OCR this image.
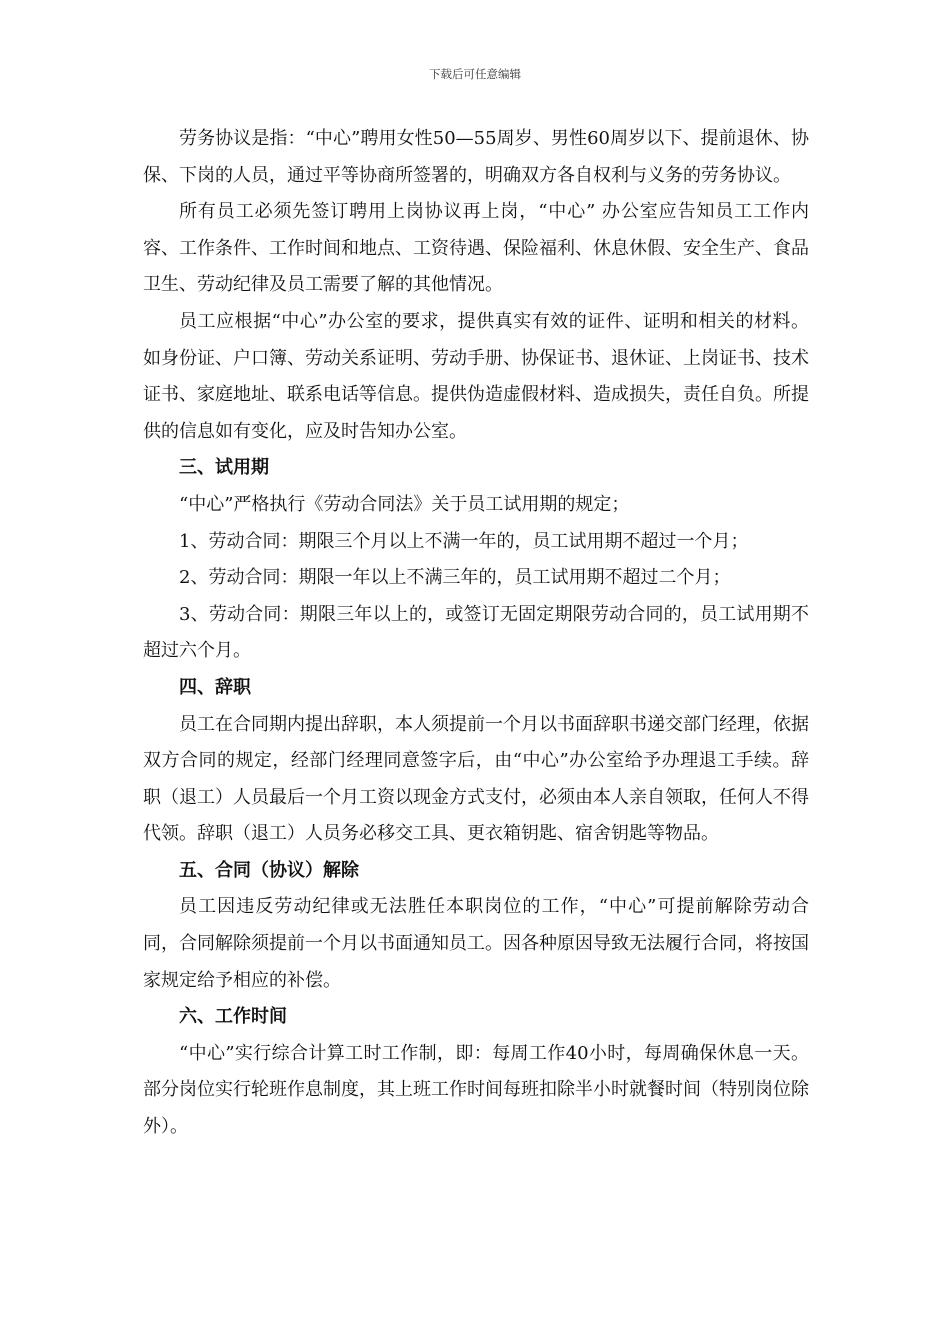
下载后可任意编辑

劳务协议是指：“中心”聘用女性50—55周岁、男性60周岁以下、提前退休、协保、下岗的人员，通过平等协商所签署的，明确双方各自权利与义务的劳务协议。

所有员工必须先签订聘用上岗协议再上岗，“中心” 办公室应告知员工工作内容、工作条件、工作时间和地点、工资待遇、保险福利、休息休假、安全生产、食品卫生、劳动纪律及员工需要了解的其他情况。

员工应根据“中心”办公室的要求，提供真实有效的证件、证明和相关的材料。如身份证、户口簿、劳动关系证明、劳动手册、协保证书、退休证、上岗证书、技术证书、家庭地址、联系电话等信息。提供伪造虚假材料、造成损失，责任自负。所提供的信息如有变化，应及时告知办公室。

三、试用期

“中心”严格执行《劳动合同法》关于员工试用期的规定；

1、劳动合同：期限三个月以上不满一年的，员工试用期不超过一个月；

2、劳动合同：期限一年以上不满三年的，员工试用期不超过二个月；

3、劳动合同：期限三年以上的，或签订无固定期限劳动合同的，员工试用期不超过六个月。

四、辞职

员工在合同期内提出辞职，本人须提前一个月以书面辞职书递交部门经理，依据双方合同的规定，经部门经理同意签字后，由“中心”办公室给予办理退工手续。辞职（退工）人员最后一个月工资以现金方式支付，必须由本人亲自领取，任何人不得代领。辞职（退工）人员务必移交工具、更衣箱钥匙、宿舍钥匙等物品。

五、合同（协议）解除

员工因违反劳动纪律或无法胜任本职岗位的工作，“中心”可提前解除劳动合同，合同解除须提前一个月以书面通知员工。因各种原因导致无法履行合同，将按国家规定给予相应的补偿。

六、工作时间

“中心”实行综合计算工时工作制，即：每周工作40小时，每周确保休息一天。部分岗位实行轮班作息制度，其上班工作时间每班扣除半小时就餐时间（特别岗位除外）。
